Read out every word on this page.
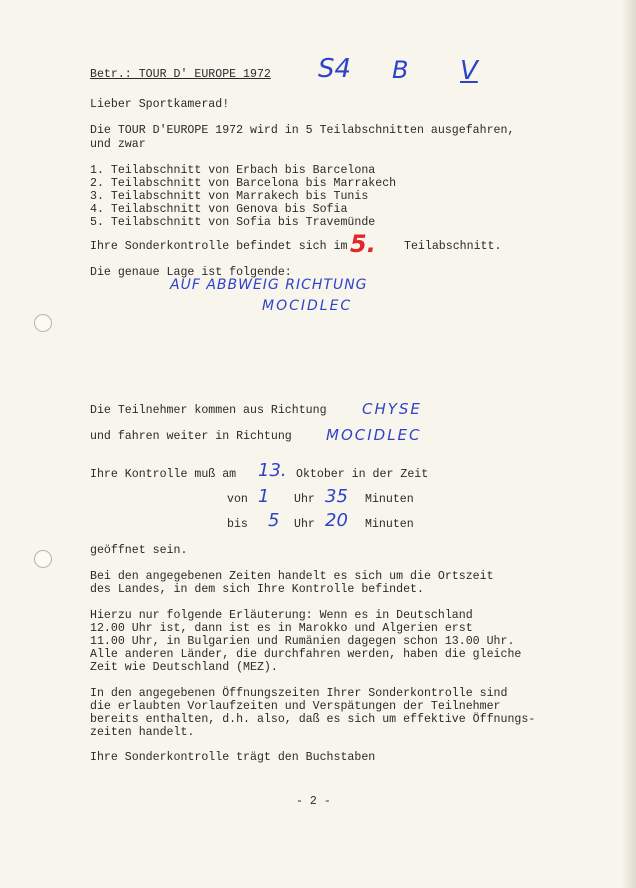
Betr.: TOUR D' EUROPE 1972 S4 B V
Lieber Sportkamerad!
Die TOUR D'EUROPE 1972 wird in 5 Teilabschnitten ausgefahren,
und zwar
1. Teilabschnitt von Erbach bis Barcelona
2. Teilabschnitt von Barcelona bis Marrakech
3. Teilabschnitt von Marrakech bis Tunis
4. Teilabschnitt von Genova bis Sofia
5. Teilabschnitt von Sofia bis Travemünde
Ihre Sonderkontrolle befindet sich im 5. Teilabschnitt.
Die genaue Lage ist folgende:
AUF ABBWEIG RICHTUNG
MOCIDLEC
Die Teilnehmer kommen aus Richtung CHYSE
und fahren weiter in Richtung MOCIDLEC
Ihre Kontrolle muß am 13. Oktober in der Zeit
von 1 Uhr 35 Minuten
bis 5 Uhr 20 Minuten
geöffnet sein.
Bei den angegebenen Zeiten handelt es sich um die Ortszeit
des Landes, in dem sich Ihre Kontrolle befindet.
Hierzu nur folgende Erläuterung: Wenn es in Deutschland
12.00 Uhr ist, dann ist es in Marokko und Algerien erst
11.00 Uhr, in Bulgarien und Rumänien dagegen schon 13.00 Uhr.
Alle anderen Länder, die durchfahren werden, haben die gleiche
Zeit wie Deutschland (MEZ).
In den angegebenen Öffnungszeiten Ihrer Sonderkontrolle sind
die erlaubten Vorlaufzeiten und Verspätungen der Teilnehmer
bereits enthalten, d.h. also, daß es sich um effektive Öffnungs-
zeiten handelt.
Ihre Sonderkontrolle trägt den Buchstaben
- 2 -
